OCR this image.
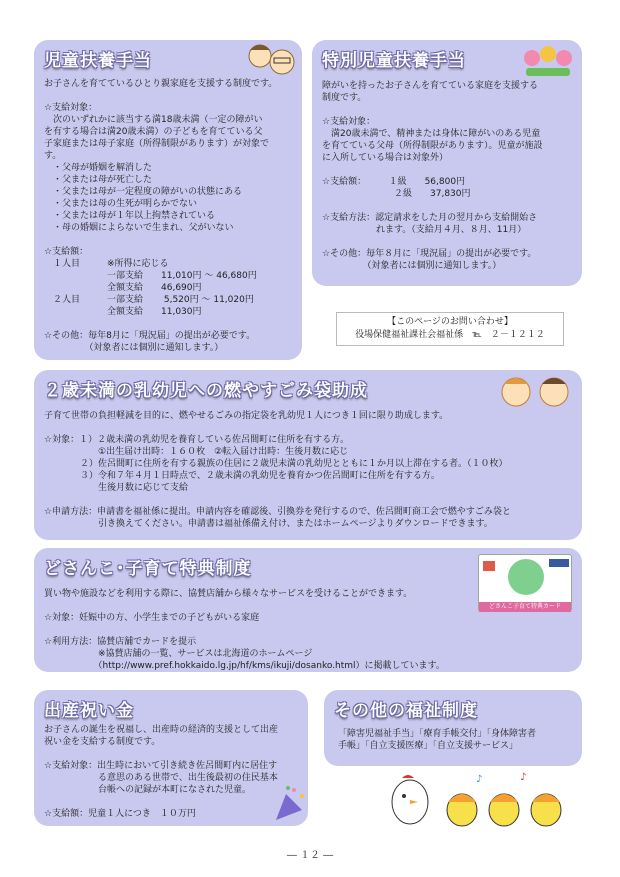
児童扶養手当
お子さんを育てているひとり親家庭を支援する制度です。

☆支給対象：
　次のいずれかに該当する満18歳未満（一定の障がい
を有する場合は満20歳未満）の子どもを育てている父
子家庭または母子家庭（所得制限があります）が対象で
す。
　・父母が婚姻を解消した
　・父または母が死亡した
　・父または母が一定程度の障がいの状態にある
　・父または母の生死が明らかでない
　・父または母が１年以上拘禁されている
　・母の婚姻によらないで生まれ、父がいない

☆支給額：
　１人目　　　※所得に応じる
　　　　　　　一部支給　　11,010円 ～ 46,680円
　　　　　　　全額支給　　46,690円
　２人目　　　一部支給　　 5,520円 ～ 11,020円
　　　　　　　全額支給　　11,030円

☆その他：毎年8月に「現況届」の提出が必要です。
　　　　　（対象者には個別に通知します。）
特別児童扶養手当
障がいを持ったお子さんを育てている家庭を支援する
制度です。

☆支給対象：
　満20歳未満で、精神または身体に障がいのある児童
を育てている父母（所得制限があります）。児童が施設
に入所している場合は対象外）

☆支給額：　　　１級　　56,800円
　　　　　　　　２級　　37,830円

☆支給方法：認定請求をした月の翌月から支給開始さ
　　　　　　れます。（支給月４月、８月、11月）

☆その他：毎年８月に「現況届」の提出が必要です。
　　　　　（対象者には個別に通知します。）
【このページのお問い合わせ】
役場保健福祉課社会福祉係　℡　２－１２１２
２歳未満の乳幼児への燃やすごみ袋助成
子育て世帯の負担軽減を目的に、燃やせるごみの指定袋を乳幼児１人につき１回に限り助成します。

☆対象：１）２歳未満の乳幼児を養育している佐呂間町に住所を有する方。
　　　　　　①出生届け出時：１６０枚　②転入届け出時：生後月数に応じ
　　　　２）佐呂間町に住所を有する親族の住居に２歳児未満の乳幼児とともに１か月以上滞在する者。（１０枚）
　　　　３）令和７年４月１日時点で、２歳未満の乳幼児を養育かつ佐呂間町に住所を有する方。
　　　　　　生後月数に応じて支給

☆申請方法：申請書を福祉係に提出。申請内容を確認後、引換券を発行するので、佐呂間町商工会で燃やすごみ袋と
　　　　　　引き換えてください。申請書は福祉係備え付け、またはホームページよりダウンロードできます。
どさんこ･子育て特典制度
どさんこ子育て特典カード
買い物や施設などを利用する際に、協賛店舗から様々なサービスを受けることができます。

☆対象：妊娠中の方、小学生までの子どもがいる家庭

☆利用方法：協賛店舗でカードを提示
　　　　　　※協賛店舗の一覧、サービスは北海道のホームページ
　　　　　　（http://www.pref.hokkaido.lg.jp/hf/kms/ikuji/dosanko.html）に掲載しています。
出産祝い金
お子さんの誕生を祝福し、出産時の経済的支援として出産
祝い金を支給する制度です。

☆支給対象：出生時において引き続き佐呂間町内に居住す
　　　　　　る意思のある世帯で、出生後最初の住民基本
　　　　　　台帳への記録が本町になされた児童。

☆支給額：児童１人につき　１０万円
その他の福祉制度
「障害児福祉手当」「療育手帳交付」「身体障害者
手帳」「自立支援医療」「自立支援サービス」
♪	♪
― １２ ―
